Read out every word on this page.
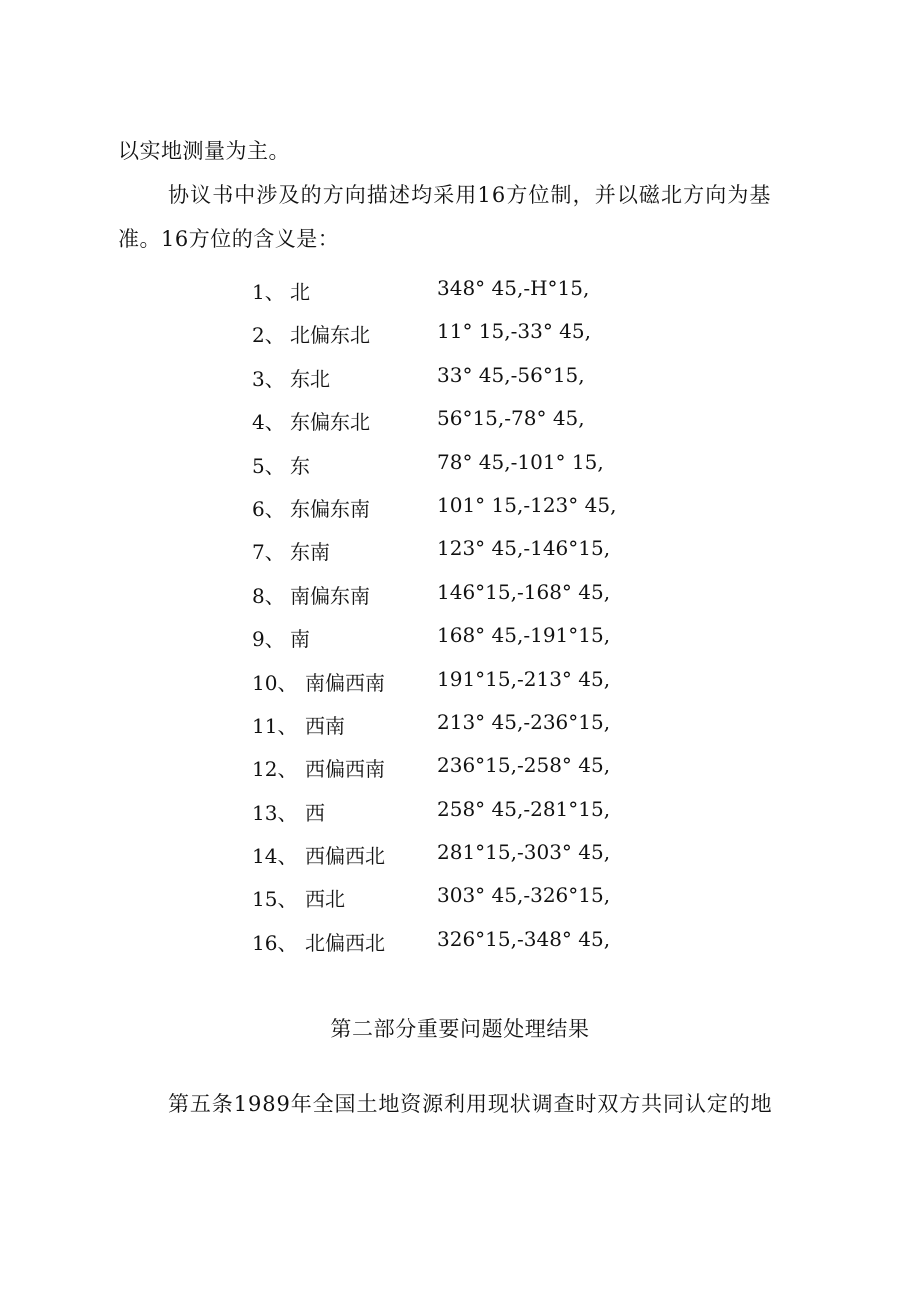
以实地测量为主。
协议书中涉及的方向描述均采用16方位制，并以磁北方向为基
准。16方位的含义是：
1、 北	348° 45,-H°15,
2、 北偏东北	11° 15,-33° 45,
3、 东北	33° 45,-56°15,
4、 东偏东北	56°15,-78° 45,
5、 东	78° 45,-101° 15,
6、 东偏东南	101° 15,-123° 45,
7、 东南	123° 45,-146°15,
8、 南偏东南	146°15,-168° 45,
9、 南	168° 45,-191°15,
10、 南偏西南	191°15,-213° 45,
11、 西南	213° 45,-236°15,
12、 西偏西南	236°15,-258° 45,
13、 西	258° 45,-281°15,
14、 西偏西北	281°15,-303° 45,
15、 西北	303° 45,-326°15,
16、 北偏西北	326°15,-348° 45,
第二部分重要问题处理结果
第五条1989年全国土地资源利用现状调查时双方共同认定的地
